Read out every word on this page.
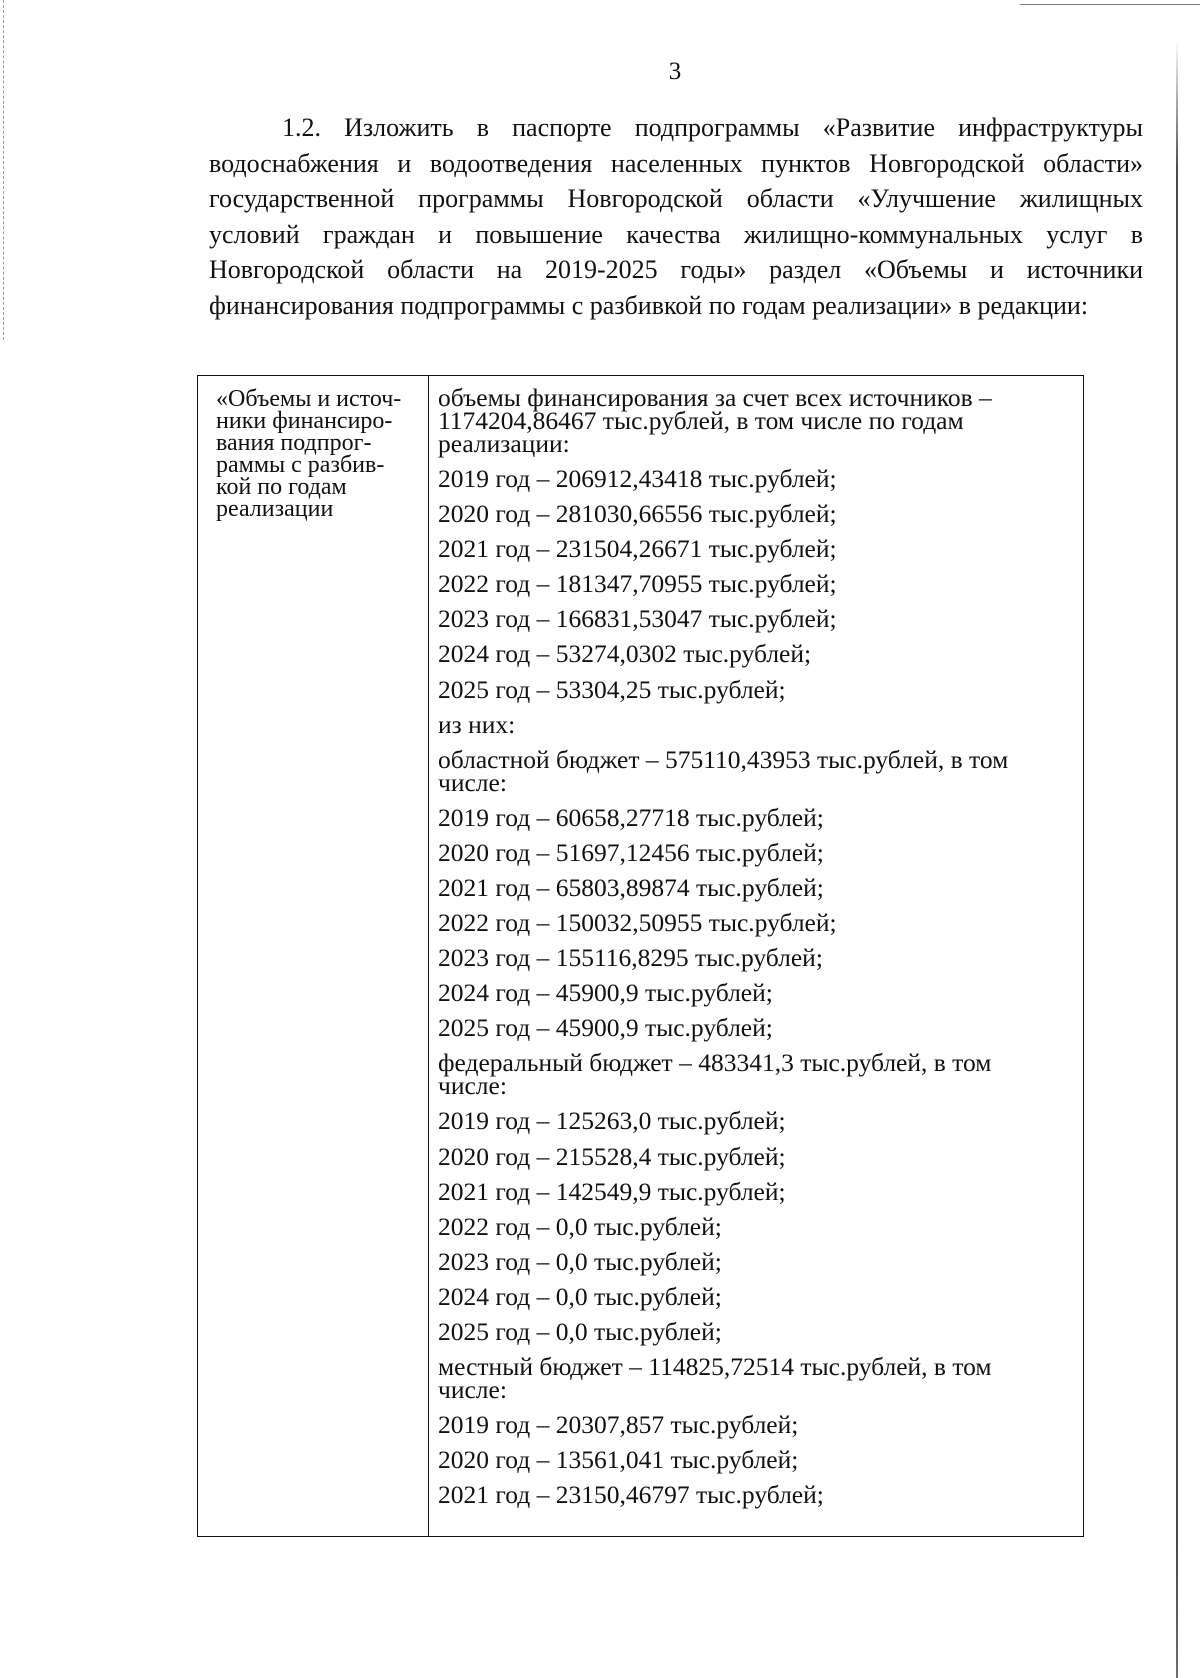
3

1.2. Изложить в паспорте подпрограммы «Развитие инфраструктуры водоснабжения и водоотведения населенных пунктов Новгородской области» государственной программы Новгородской области «Улучшение жилищных условий граждан и повышение качества жилищно-коммунальных услуг в Новгородской области на 2019-2025 годы» раздел «Объемы и источники финансирования подпрограммы с разбивкой по годам реализации» в редакции:

«Объемы и источ-
ники финансиро-
вания подпрог-
раммы с разбив-
кой по годам
реализации
объемы финансирования за счет всех источников –
1174204,86467 тыс.рублей, в том числе по годам
реализации:
2019 год – 206912,43418 тыс.рублей;
2020 год – 281030,66556 тыс.рублей;
2021 год – 231504,26671 тыс.рублей;
2022 год – 181347,70955 тыс.рублей;
2023 год – 166831,53047 тыс.рублей;
2024 год – 53274,0302 тыс.рублей;
2025 год – 53304,25 тыс.рублей;
из них:
областной бюджет – 575110,43953 тыс.рублей, в том
числе:
2019 год – 60658,27718 тыс.рублей;
2020 год – 51697,12456 тыс.рублей;
2021 год – 65803,89874 тыс.рублей;
2022 год – 150032,50955 тыс.рублей;
2023 год – 155116,8295 тыс.рублей;
2024 год – 45900,9 тыс.рублей;
2025 год – 45900,9 тыс.рублей;
федеральный бюджет – 483341,3 тыс.рублей, в том
числе:
2019 год – 125263,0 тыс.рублей;
2020 год – 215528,4 тыс.рублей;
2021 год – 142549,9 тыс.рублей;
2022 год – 0,0 тыс.рублей;
2023 год – 0,0 тыс.рублей;
2024 год – 0,0 тыс.рублей;
2025 год – 0,0 тыс.рублей;
местный бюджет – 114825,72514 тыс.рублей, в том
числе:
2019 год – 20307,857 тыс.рублей;
2020 год – 13561,041 тыс.рублей;
2021 год – 23150,46797 тыс.рублей;
